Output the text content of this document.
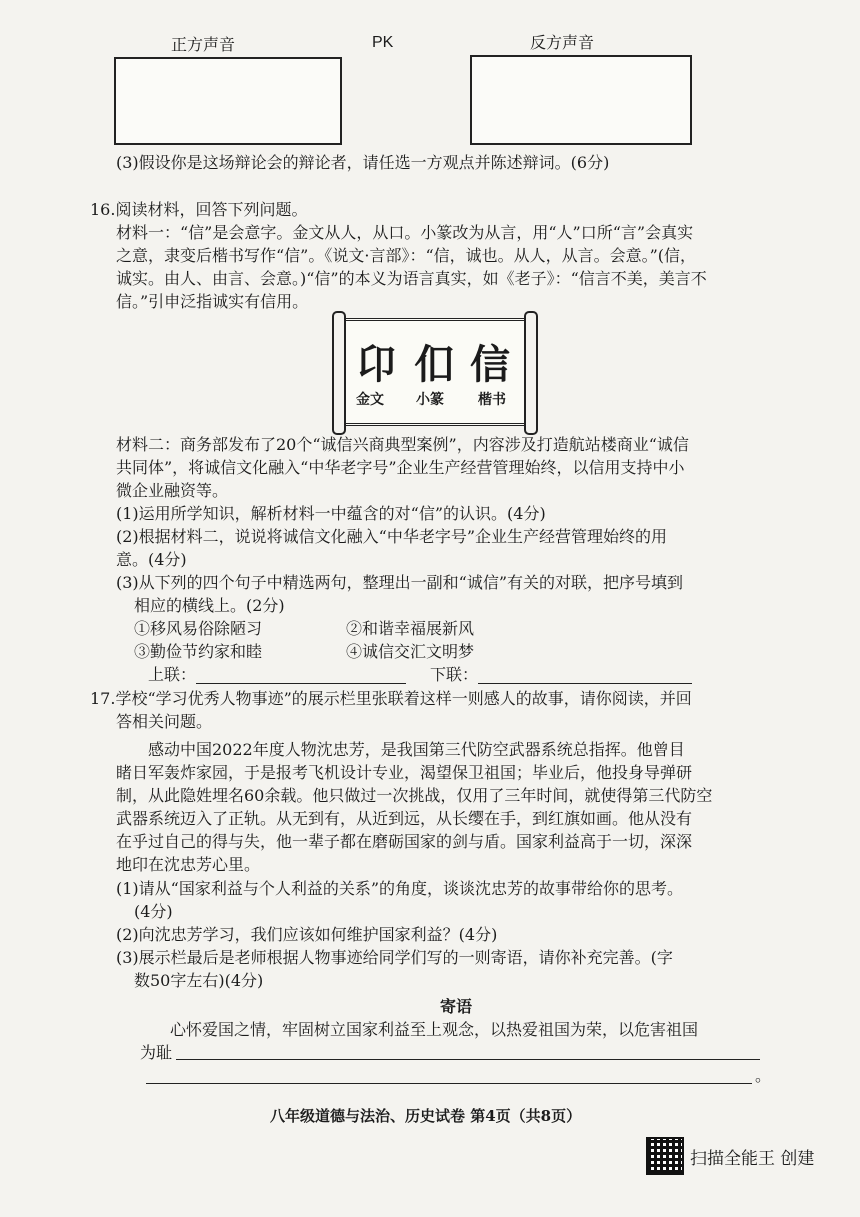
正方声音	PK	反方声音
(3)假设你是这场辩论会的辩论者，请任选一方观点并陈述辩词。(6分)
16.阅读材料，回答下列问题。
材料一：“信”是会意字。金文从人，从口。小篆改为从言，用“人”口所“言”会真实
之意，隶变后楷书写作“信”。《说文·言部》：“信，诚也。从人，从言。会意。”(信，
诚实。由人、由言、会意。)“信”的本义为语言真实，如《老子》：“信言不美，美言不
信。”引申泛指诚实有信用。
卬 㐰 信
金文 小篆 楷书
材料二：商务部发布了20个“诚信兴商典型案例”，内容涉及打造航站楼商业“诚信
共同体”，将诚信文化融入“中华老字号”企业生产经营管理始终，以信用支持中小
微企业融资等。
(1)运用所学知识，解析材料一中蕴含的对“信”的认识。(4分)
(2)根据材料二，说说将诚信文化融入“中华老字号”企业生产经营管理始终的用
意。(4分)
(3)从下列的四个句子中精选两句，整理出一副和“诚信”有关的对联，把序号填到
相应的横线上。(2分)
①移风易俗除陋习	②和谐幸福展新风
③勤俭节约家和睦	④诚信交汇文明梦
上联：	下联：
17.学校“学习优秀人物事迹”的展示栏里张联着这样一则感人的故事，请你阅读，并回
答相关问题。
感动中国2022年度人物沈忠芳，是我国第三代防空武器系统总指挥。他曾目
睹日军轰炸家园，于是报考飞机设计专业，渴望保卫祖国；毕业后，他投身导弹研
制，从此隐姓埋名60余载。他只做过一次挑战，仅用了三年时间，就使得第三代防空
武器系统迈入了正轨。从无到有，从近到远，从长缨在手，到红旗如画。他从没有
在乎过自己的得与失，他一辈子都在磨砺国家的剑与盾。国家利益高于一切，深深
地印在沈忠芳心里。
(1)请从“国家利益与个人利益的关系”的角度，谈谈沈忠芳的故事带给你的思考。
(4分)
(2)向沈忠芳学习，我们应该如何维护国家利益？(4分)
(3)展示栏最后是老师根据人物事迹给同学们写的一则寄语，请你补充完善。(字
数50字左右)(4分)
寄语
心怀爱国之情，牢固树立国家利益至上观念，以热爱祖国为荣，以危害祖国
为耻
。
八年级道德与法治、历史试卷 第4页（共8页）
扫描全能王 创建
